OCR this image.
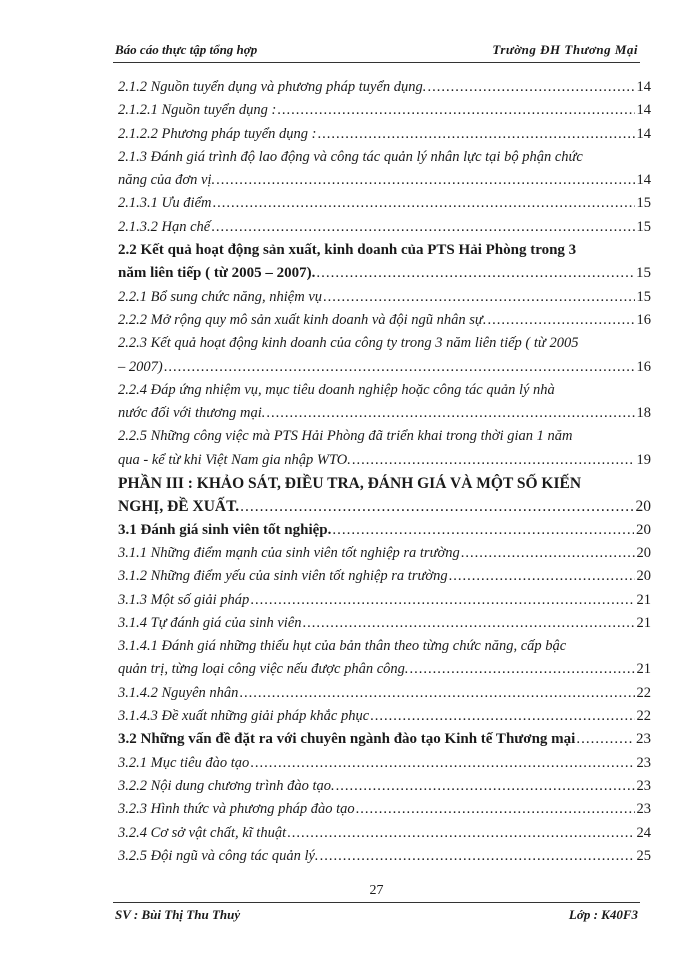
Báo cáo thực tập tổng hợp	Trường ĐH Thương Mại
2.1.2 Nguồn tuyển dụng và phương pháp tuyển dụng. .....	14
2.1.2.1 Nguồn tuyển dụng : .....	14
2.1.2.2 Phương pháp tuyển dụng : .....	14
2.1.3 Đánh giá trình độ lao động và công tác quản lý nhân lực tại bộ phận chức
năng của đơn vị. .....	14
2.1.3.1 Ưu điểm .....	15
2.1.3.2 Hạn chế .....	15
2.2 Kết quả hoạt động sản xuất, kinh doanh của PTS Hải Phòng trong 3
năm liên tiếp ( từ 2005 – 2007). .....	15
2.2.1 Bổ sung chức năng, nhiệm vụ .....	15
2.2.2 Mở rộng quy mô sản xuất kinh doanh và đội ngũ nhân sự. .....	16
2.2.3 Kết quả hoạt động kinh doanh của công ty trong 3 năm liên tiếp ( từ 2005
– 2007) .....	16
2.2.4 Đáp ứng nhiệm vụ, mục tiêu doanh nghiệp hoặc công tác quản lý nhà
nước đối với thương mại. .....	18
2.2.5 Những công việc mà PTS Hải Phòng đã triển khai trong thời gian 1 năm
qua - kể từ khi Việt Nam gia nhập WTO. .....	19
PHẦN III : KHẢO SÁT, ĐIỀU TRA, ĐÁNH GIÁ VÀ MỘT SỐ KIẾN
NGHỊ, ĐỀ XUẤT. .....	20
3.1 Đánh giá sinh viên tốt nghiệp. .....	20
3.1.1 Những điểm mạnh của sinh viên tốt nghiệp ra trường .....	20
3.1.2 Những điểm yếu của sinh viên tốt nghiệp ra trường .....	20
3.1.3 Một số giải pháp .....	21
3.1.4 Tự đánh giá của sinh viên .....	21
3.1.4.1 Đánh giá những thiếu hụt của bản thân theo từng chức năng, cấp bậc
quản trị, từng loại công việc nếu được phân công. .....	21
3.1.4.2 Nguyên nhân .....	22
3.1.4.3 Đề xuất những giải pháp khắc phục .....	22
3.2 Những vấn đề đặt ra với chuyên ngành đào tạo Kinh tế Thương mại .....	23
3.2.1 Mục tiêu đào tạo .....	23
3.2.2 Nội dung chương trình đào tạo. .....	23
3.2.3 Hình thức và phương pháp đào tạo .....	23
3.2.4 Cơ sở vật chất, kĩ thuật .....	24
3.2.5 Đội ngũ và công tác quản lý. .....	25
27
SV : Bùi Thị Thu Thuỷ	Lớp : K40F3
